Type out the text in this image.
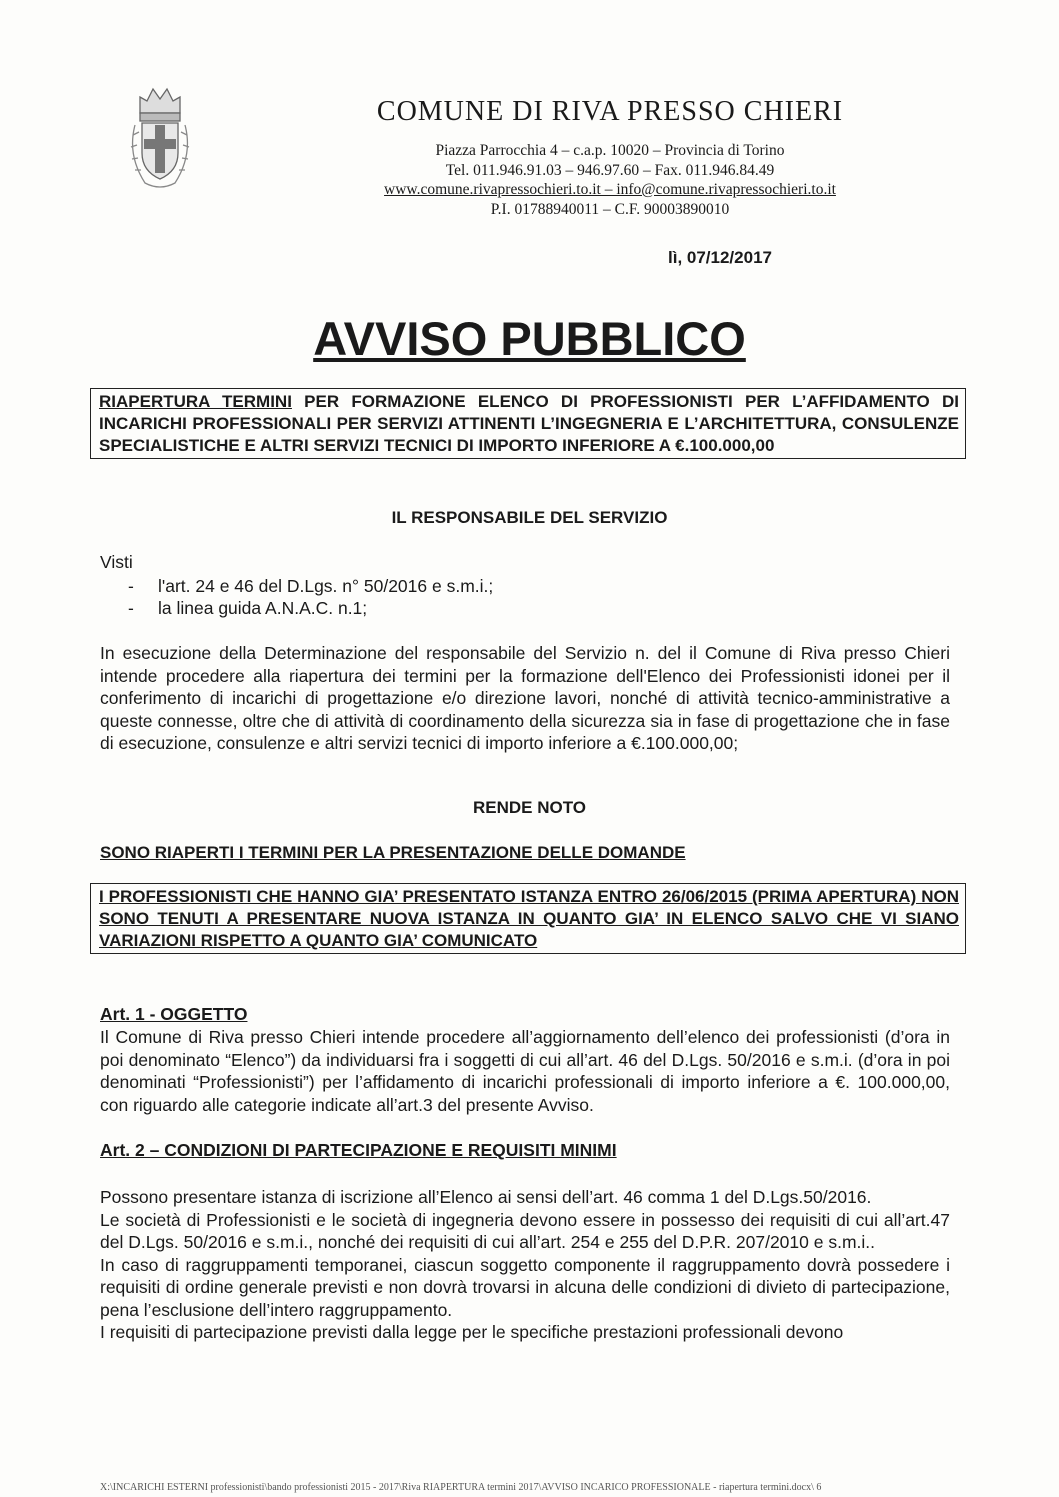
COMUNE DI RIVA PRESSO CHIERI
Piazza Parrocchia 4 – c.a.p. 10020 – Provincia di Torino
Tel. 011.946.91.03 – 946.97.60 – Fax. 011.946.84.49
www.comune.rivapressochieri.to.it – info@comune.rivapressochieri.to.it
P.I. 01788940011 – C.F. 90003890010
lì, 07/12/2017
AVVISO PUBBLICO
RIAPERTURA TERMINI PER FORMAZIONE ELENCO DI PROFESSIONISTI PER L’AFFIDAMENTO DI INCARICHI PROFESSIONALI PER SERVIZI ATTINENTI L’INGEGNERIA E L’ARCHITETTURA, CONSULENZE SPECIALISTICHE E ALTRI SERVIZI TECNICI DI IMPORTO INFERIORE A €.100.000,00
IL RESPONSABILE DEL SERVIZIO
Visti
-	l'art. 24 e 46 del D.Lgs. n° 50/2016 e s.m.i.;
-	la linea guida A.N.A.C. n.1;
In esecuzione della Determinazione del responsabile del Servizio n. del il Comune di Riva presso Chieri intende procedere alla riapertura dei termini per la formazione dell'Elenco dei Professionisti idonei per il conferimento di incarichi di progettazione e/o direzione lavori, nonché di attività tecnico-amministrative a queste connesse, oltre che di attività di coordinamento della sicurezza sia in fase di progettazione che in fase di esecuzione, consulenze e altri servizi tecnici di importo inferiore a €.100.000,00;
RENDE NOTO
SONO RIAPERTI I TERMINI PER LA PRESENTAZIONE DELLE DOMANDE
I PROFESSIONISTI CHE HANNO GIA’ PRESENTATO ISTANZA ENTRO 26/06/2015 (PRIMA APERTURA) NON SONO TENUTI A PRESENTARE NUOVA ISTANZA IN QUANTO GIA’ IN ELENCO SALVO CHE VI SIANO VARIAZIONI RISPETTO A QUANTO GIA’ COMUNICATO
Art. 1 - OGGETTO
Il Comune di Riva presso Chieri intende procedere all’aggiornamento dell’elenco dei professionisti (d’ora in poi denominato “Elenco”) da individuarsi fra i soggetti di cui all’art. 46 del D.Lgs. 50/2016 e s.m.i. (d’ora in poi denominati “Professionisti”) per l’affidamento di incarichi professionali di importo inferiore a €. 100.000,00, con riguardo alle categorie indicate all’art.3 del presente Avviso.
Art. 2 – CONDIZIONI DI PARTECIPAZIONE E REQUISITI MINIMI

Possono presentare istanza di iscrizione all’Elenco ai sensi dell’art. 46 comma 1 del D.Lgs.50/2016.

Le società di Professionisti e le società di ingegneria devono essere in possesso dei requisiti di cui all’art.47 del D.Lgs. 50/2016 e s.m.i., nonché dei requisiti di cui all’art. 254 e 255 del D.P.R. 207/2010 e s.m.i..

In caso di raggruppamenti temporanei, ciascun soggetto componente il raggruppamento dovrà possedere i requisiti di ordine generale previsti e non dovrà trovarsi in alcuna delle condizioni di divieto di partecipazione, pena l’esclusione dell’intero raggruppamento.

I requisiti di partecipazione previsti dalla legge per le specifiche prestazioni professionali devono

X:\INCARICHI ESTERNI professionisti\bando professionisti 2015 - 2017\Riva RIAPERTURA termini 2017\AVVISO INCARICO PROFESSIONALE - riapertura termini.docx\ 6
